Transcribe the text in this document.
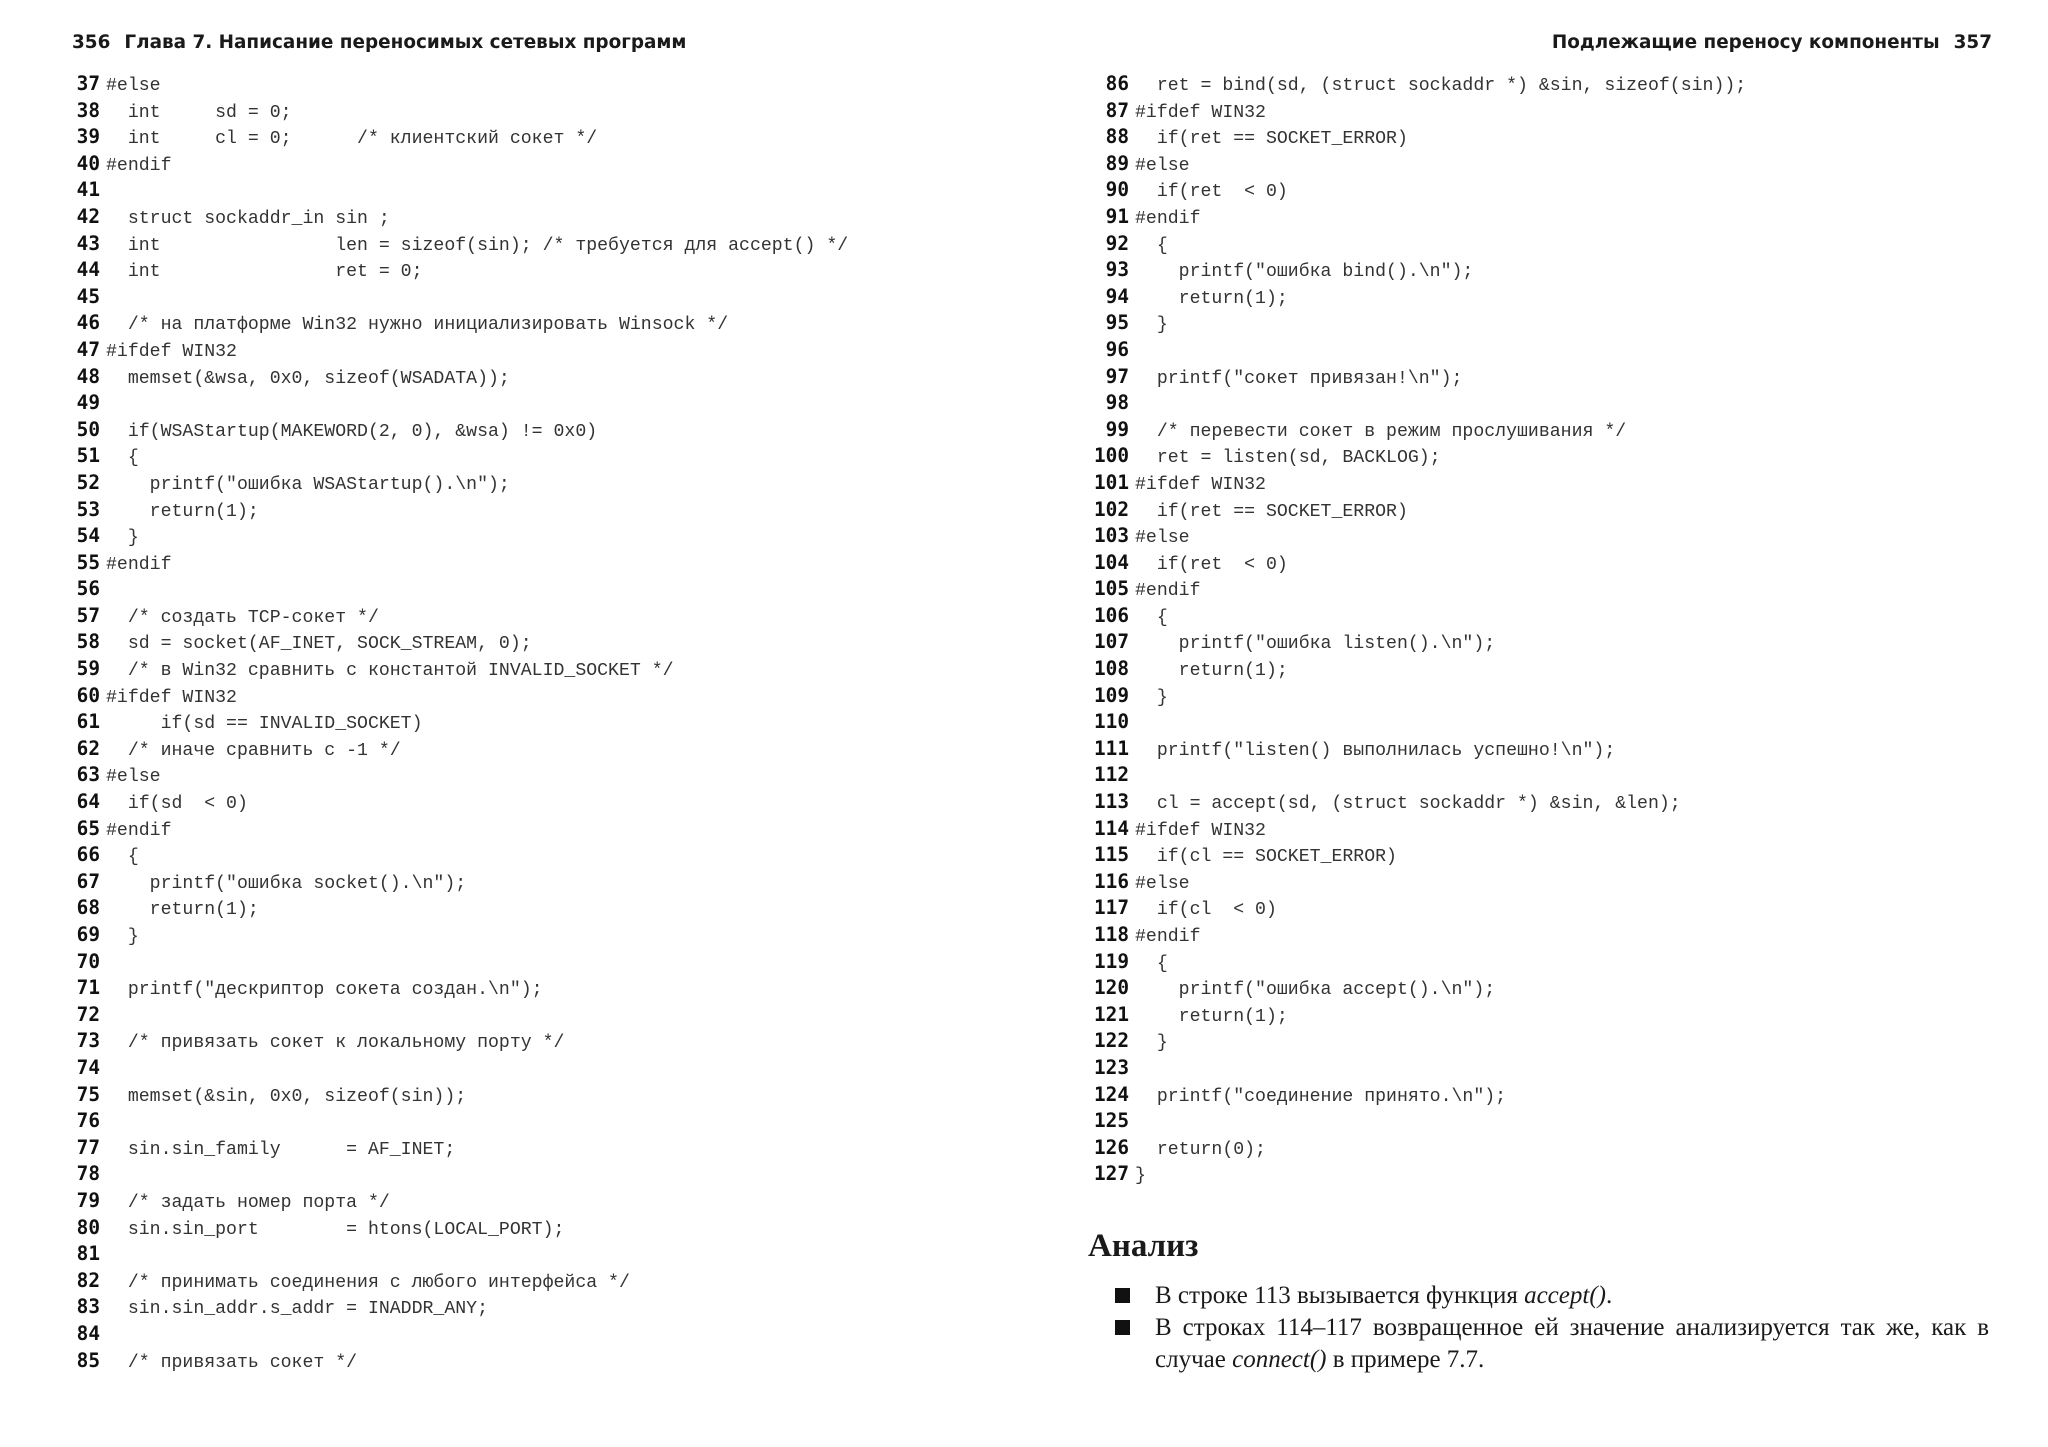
356 Глава 7. Написание переносимых сетевых программ	Подлежащие переносу компоненты 357
37 #else
38  int     sd = 0;
39  int     cl = 0;      /* клиентский сокет */
40 #endif
41
42  struct sockaddr_in sin ;
43  int                len = sizeof(sin); /* требуется для accept() */
44  int                ret = 0;
45
46  /* на платформе Win32 нужно инициализировать Winsock */
47 #ifdef WIN32
48  memset(&wsa, 0x0, sizeof(WSADATA));
49
50  if(WSAStartup(MAKEWORD(2, 0), &wsa) != 0x0)
51  {
52    printf("ошибка WSAStartup().\n");
53    return(1);
54  }
55 #endif
56
57  /* создать TCP-сокет */
58  sd = socket(AF_INET, SOCK_STREAM, 0);
59  /* в Win32 сравнить с константой INVALID_SOCKET */
60 #ifdef WIN32
61     if(sd == INVALID_SOCKET)
62  /* иначе сравнить с -1 */
63 #else
64  if(sd  < 0)
65 #endif
66  {
67    printf("ошибка socket().\n");
68    return(1);
69  }
70
71  printf("дескриптор сокета создан.\n");
72
73  /* привязать сокет к локальному порту */
74
75  memset(&sin, 0x0, sizeof(sin));
76
77  sin.sin_family      = AF_INET;
78
79  /* задать номер порта */
80  sin.sin_port        = htons(LOCAL_PORT);
81
82  /* принимать соединения с любого интерфейса */
83  sin.sin_addr.s_addr = INADDR_ANY;
84
85  /* привязать сокет */
86  ret = bind(sd, (struct sockaddr *) &sin, sizeof(sin));
87 #ifdef WIN32
88  if(ret == SOCKET_ERROR)
89 #else
90  if(ret  < 0)
91 #endif
92  {
93    printf("ошибка bind().\n");
94    return(1);
95  }
96
97  printf("сокет привязан!\n");
98
99  /* перевести сокет в режим прослушивания */
100  ret = listen(sd, BACKLOG);
101 #ifdef WIN32
102  if(ret == SOCKET_ERROR)
103 #else
104  if(ret  < 0)
105 #endif
106  {
107    printf("ошибка listen().\n");
108    return(1);
109  }
110
111  printf("listen() выполнилась успешно!\n");
112
113  cl = accept(sd, (struct sockaddr *) &sin, &len);
114 #ifdef WIN32
115  if(cl == SOCKET_ERROR)
116 #else
117  if(cl  < 0)
118 #endif
119  {
120    printf("ошибка accept().\n");
121    return(1);
122  }
123
124  printf("соединение принято.\n");
125
126  return(0);
127 }
Анализ
В строке 113 вызывается функция accept().
В строках 114–117 возвращенное ей значение анализируется так же, как в случае connect() в примере 7.7.
